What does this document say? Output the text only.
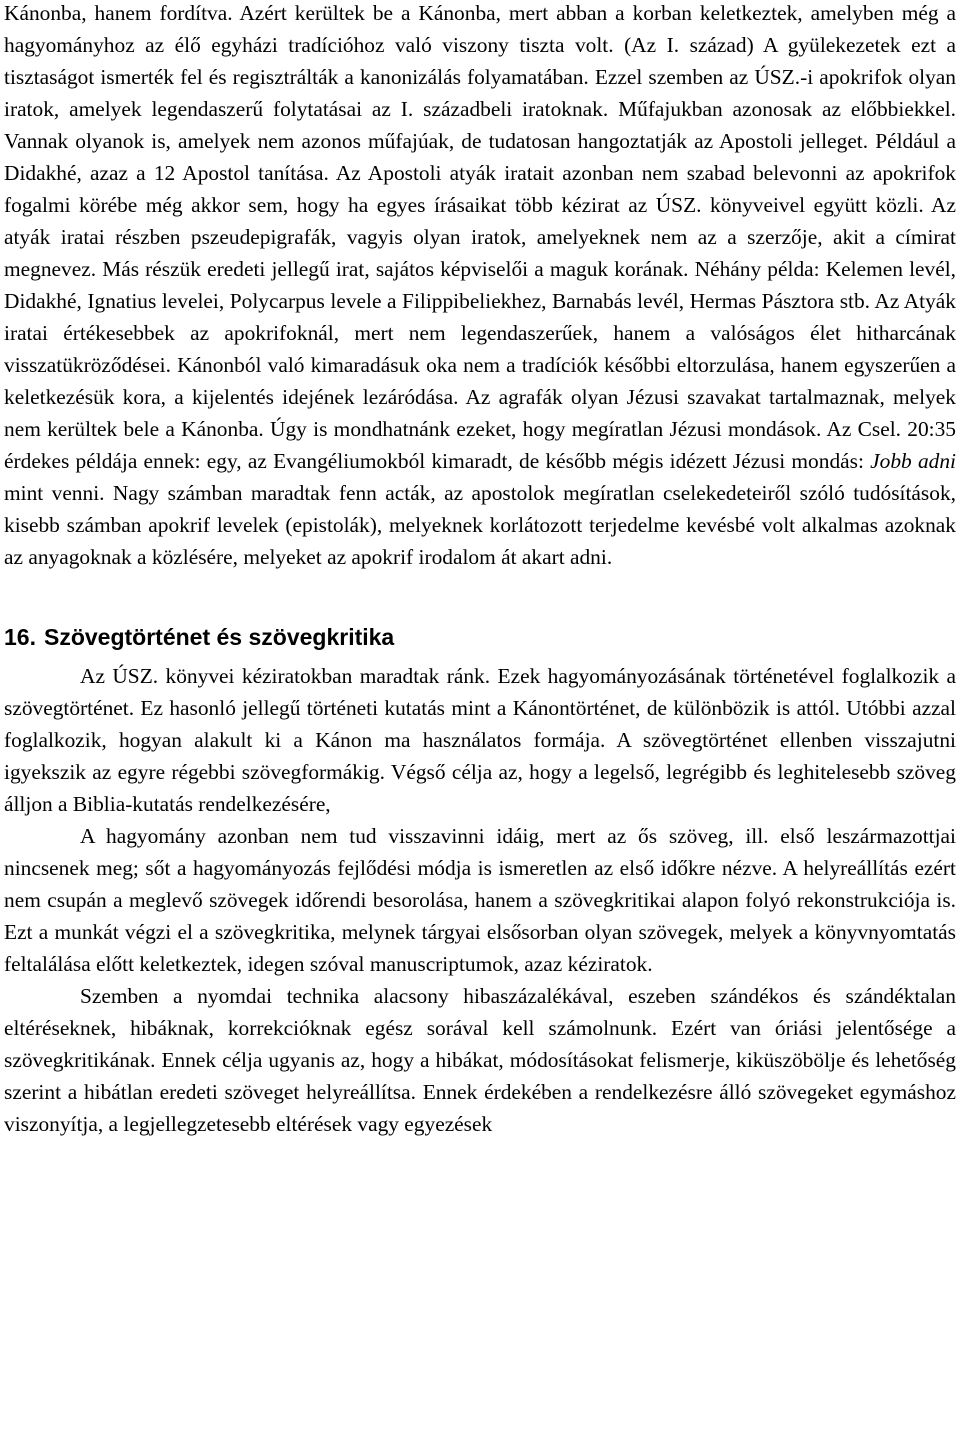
Kánonba, hanem fordítva. Azért kerültek be a Kánonba, mert abban a korban keletkeztek, amelyben még a hagyományhoz az élő egyházi tradícióhoz való viszony tiszta volt. (Az I. század) A gyülekezetek ezt a tisztaságot ismerték fel és regisztrálták a kanonizálás folyamatában. Ezzel szemben az ÚSZ.-i apokrifok olyan iratok, amelyek legendaszerű folytatásai az I. századbeli iratoknak. Műfajukban azonosak az előbbiekkel. Vannak olyanok is, amelyek nem azonos műfajúak, de tudatosan hangoztatják az Apostoli jelleget. Például a Didakhé, azaz a 12 Apostol tanítása. Az Apostoli atyák iratait azonban nem szabad belevonni az apokrifok fogalmi körébe még akkor sem, hogy ha egyes írásaikat több kézirat az ÚSZ. könyveivel együtt közli. Az atyák iratai részben pszeudepigrafák, vagyis olyan iratok, amelyeknek nem az a szerzője, akit a címirat megnevez. Más részük eredeti jellegű irat, sajátos képviselői a maguk korának. Néhány példa: Kelemen levél, Didakhé, Ignatius levelei, Polycarpus levele a Filippibeliekhez, Barnabás levél, Hermas Pásztora stb. Az Atyák iratai értékesebbek az apokrifoknál, mert nem legendaszerűek, hanem a valóságos élet hitharcának visszatükröződései. Kánonból való kimaradásuk oka nem a tradíciók későbbi eltorzulása, hanem egyszerűen a keletkezésük kora, a kijelentés idejének lezáródása. Az agrafák olyan Jézusi szavakat tartalmaznak, melyek nem kerültek bele a Kánonba. Úgy is mondhatnánk ezeket, hogy megíratlan Jézusi mondások. Az Csel. 20:35 érdekes példája ennek: egy, az Evangéliumokból kimaradt, de később mégis idézett Jézusi mondás: Jobb adni mint venni. Nagy számban maradtak fenn acták, az apostolok megíratlan cselekedeteiről szóló tudósítások, kisebb számban apokrif levelek (epistolák), melyeknek korlátozott terjedelme kevésbé volt alkalmas azoknak az anyagoknak a közlésére, melyeket az apokrif irodalom át akart adni.

16. Szövegtörténet és szövegkritika

Az ÚSZ. könyvei kéziratokban maradtak ránk. Ezek hagyományozásának történetével foglalkozik a szövegtörténet. Ez hasonló jellegű történeti kutatás mint a Kánontörténet, de különbözik is attól. Utóbbi azzal foglalkozik, hogyan alakult ki a Kánon ma használatos formája. A szövegtörténet ellenben visszajutni igyekszik az egyre régebbi szövegformákig. Végső célja az, hogy a legelső, legrégibb és leghitelesebb szöveg álljon a Biblia-kutatás rendelkezésére,

A hagyomány azonban nem tud visszavinni idáig, mert az ős szöveg, ill. első leszármazottjai nincsenek meg; sőt a hagyományozás fejlődési módja is ismeretlen az első időkre nézve. A helyreállítás ezért nem csupán a meglevő szövegek időrendi besorolása, hanem a szövegkritikai alapon folyó rekonstrukciója is. Ezt a munkát végzi el a szövegkritika, melynek tárgyai elsősorban olyan szövegek, melyek a könyvnyomtatás feltalálása előtt keletkeztek, idegen szóval manuscriptumok, azaz kéziratok.

Szemben a nyomdai technika alacsony hibaszázalékával, eszeben szándékos és szándéktalan eltéréseknek, hibáknak, korrekcióknak egész sorával kell számolnunk. Ezért van óriási jelentősége a szövegkritikának. Ennek célja ugyanis az, hogy a hibákat, módosításokat felismerje, kiküszöbölje és lehetőség szerint a hibátlan eredeti szöveget helyreállítsa. Ennek érdekében a rendelkezésre álló szövegeket egymáshoz viszonyítja, a legjellegzetesebb eltérések vagy egyezések
